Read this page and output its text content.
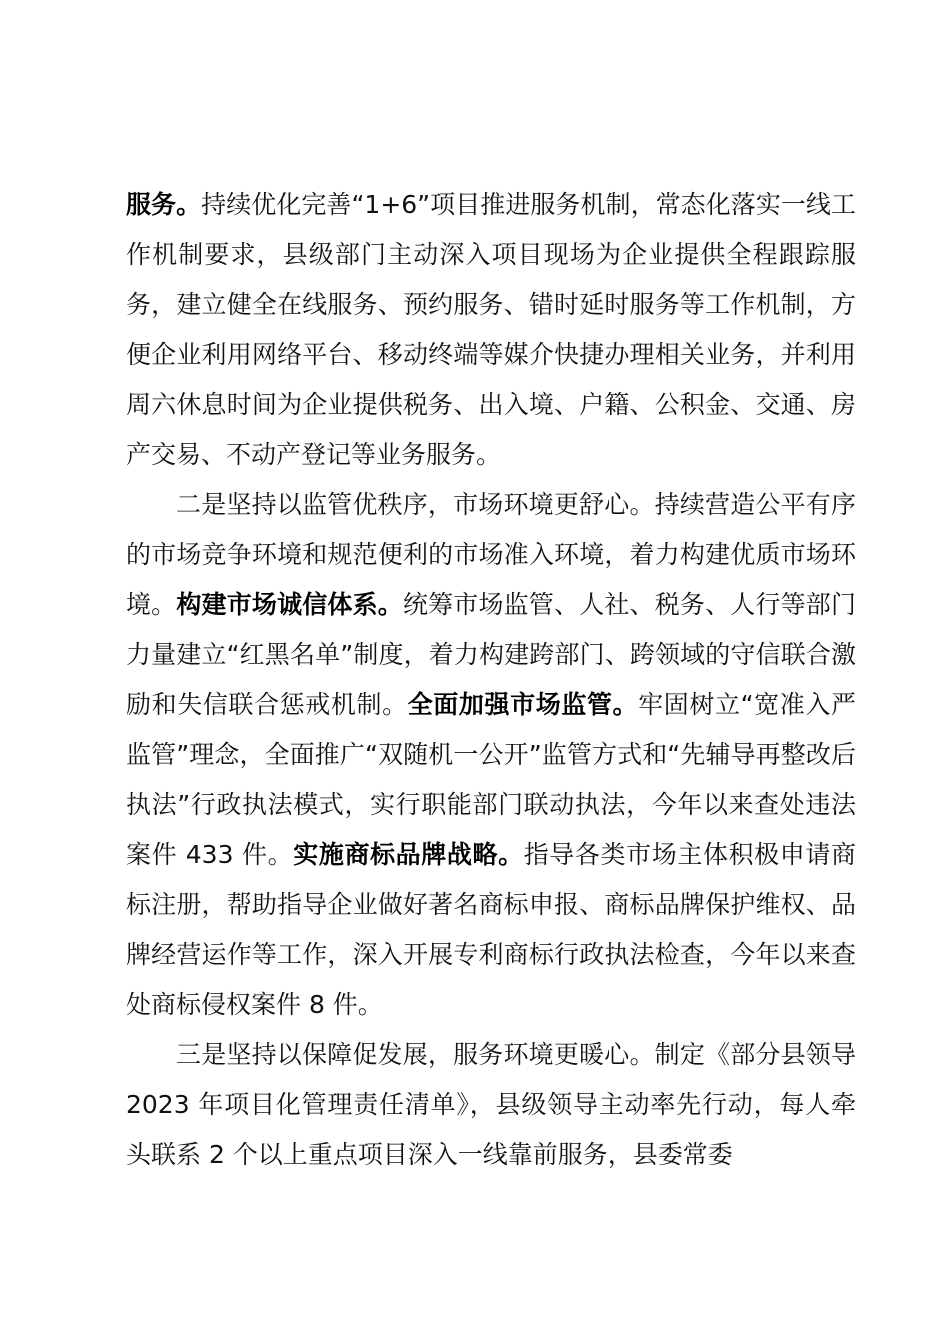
服务。持续优化完善“1+6”项目推进服务机制，常态化落实一线工作机制要求，县级部门主动深入项目现场为企业提供全程跟踪服务，建立健全在线服务、预约服务、错时延时服务等工作机制，方便企业利用网络平台、移动终端等媒介快捷办理相关业务，并利用周六休息时间为企业提供税务、出入境、户籍、公积金、交通、房产交易、不动产登记等业务服务。

二是坚持以监管优秩序，市场环境更舒心。持续营造公平有序的市场竞争环境和规范便利的市场准入环境，着力构建优质市场环境。构建市场诚信体系。统筹市场监管、人社、税务、人行等部门力量建立“红黑名单”制度，着力构建跨部门、跨领域的守信联合激励和失信联合惩戒机制。全面加强市场监管。牢固树立“宽准入严监管”理念，全面推广“双随机一公开”监管方式和“先辅导再整改后执法”行政执法模式，实行职能部门联动执法，今年以来查处违法案件 433 件。实施商标品牌战略。指导各类市场主体积极申请商标注册，帮助指导企业做好著名商标申报、商标品牌保护维权、品牌经营运作等工作，深入开展专利商标行政执法检查，今年以来查处商标侵权案件 8 件。

三是坚持以保障促发展，服务环境更暖心。制定《部分县领导 2023 年项目化管理责任清单》，县级领导主动率先行动，每人牵头联系 2 个以上重点项目深入一线靠前服务，县委常委
